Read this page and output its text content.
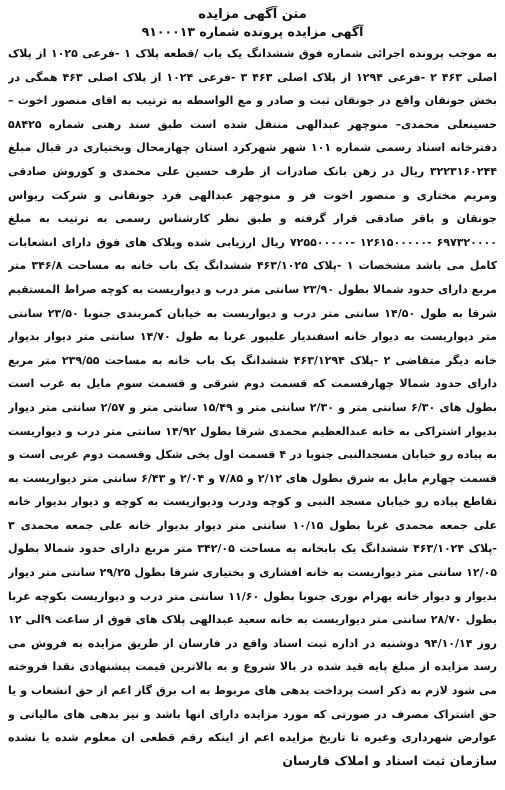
متن آگهی مزایده

آگهی مزایده پرونده شماره ۹۱۰۰۰۱۳

به موجب پرونده اجرائی شماره فوق ششدانگ یک باب /قطعه پلاک ۱ -فرعی ۱۰۲۵ از پلاک اصلی ۴۶۳ ۲ -فرعی ۱۲۹۴ از پلاک اصلی ۴۶۳ ۳ -فرعی ۱۰۲۴ از پلاک اصلی ۴۶۳ همگی در بخش جونقان واقع در جونقان ثبت و صادر و مع الواسطه به ترتیب به اقای منصور اخوت –حسینعلی محمدی– منوچهر عبدالهی منتقل شده است طبق سند رهنی شماره ۵۸۴۲۵ دفترخانه اسناد رسمی شماره ۱۰۱ شهر شهرکرد استان چهارمحال وبختیاری در قبال مبلغ ۳۲۲۳۱۶۰۲۴۴ ریال در رهن بانک صادرات از طرف حسین علی محمدی و کوروش صادقی ومریم مختاری و منصور اخوت فر و منوچهر عبدالهی فرد جونقانی و شرکت ریواس جونقان و باقر صادقی قرار گرفته و طبق نظر کارشناس رسمی به ترتیب به مبلغ ۶۹۷۳۲۰۰۰۰ -۱۲۶۱۵۰۰۰۰۰ -۷۲۵۵۰۰۰۰۰ ریال ارزیابی شده وپلاک های فوق دارای انشعابات کامل می باشد مشخصات ۱ -پلاک ۴۶۳/۱۰۲۵ ششدانگ یک باب خانه به مساحت ۳۴۶/۸ متر مربع دارای حدود شمالا بطول ۲۳/۹۰ سانتی متر درب و دیواریست به کوچه صراط المستقیم شرقا به طول ۱۴/۵۰ سانتی متر درب و دیواریست به خیابان کمربندی جنوبا ۲۳/۵۰ سانتی متر دیواریست به دیوار خانه اسفندیار علیپور غربا به طول ۱۴/۷۰ سانتی متر دیوار بدیوار خانه دیگر متقاضی ۲ -پلاک ۴۶۳/۱۲۹۴ ششدانگ یک باب خانه به مساحت ۲۳۹/۵۵ متر مربع دارای حدود شمالا چهارقسمت که قسمت دوم شرقی و قسمت سوم مایل به غرب است بطول های ۶/۳۰ سانتی متر و ۲/۳۰ سانتی متر و ۱۵/۴۹ سانتی متر و ۲/۵۷ سانتی متر دیوار بدیوار اشتراکی به خانه عبدالعظیم محمدی شرقا بطول ۱۴/۹۲ سانتی متر درب و دیواریست به پیاده رو خیابان مسجدالنبی جنوبا در ۴ قسمت اول یخی شکل وقسمت دوم غربی است و قسمت چهارم مایل به شرق بطول های ۲/۱۲ و ۷/۸۵ و ۲/۰۴ و ۶/۴۳ سانتی متر دیواریست به تقاطع پیاده رو خیابان مسجد النبی و کوچه ودرب ودیواریست به کوچه و دیوار بدیوار خانه علی جمعه محمدی غربا بطول ۱۰/۱۵ سانتی متر دیوار بدیوار خانه علی جمعه محمدی ۳ -پلاک ۴۶۳/۱۰۲۴ ششدانگ یک بابخانه به مساحت ۳۴۲/۰۵ متر مربع دارای حدود شمالا بطول ۱۲/۰۵ سانتی متر دیواریست به خانه افشاری و بختیاری شرقا بطول ۲۹/۲۵ سانتی متر دیوار بدیوار و دیوار خانه بهرام نوری جنوبا بطول ۱۱/۶۰ سانتی متر درب و دیواریست بکوچه غربا بطول ۲۸/۷۰ سانتی متر دیواریست به خانه سعید عبدالهی پلاک های فوق از ساعت ۹الی ۱۲ روز ۹۴/۱۰/۱۴ دوشنبه در اداره ثبت اسناد واقع در فارسان از طریق مزایده به فروش می رسد مزایده از مبلغ پایه قید شده در بالا شروع و به بالاترین قیمت پیشنهادی نقدا فروخته می شود لازم به ذکر است پرداخت بدهی های مربوط به اب برق گاز اعم از حق انشعاب و یا حق اشتراک مصرف در صورتی که مورد مزایده دارای انها باشد و نیز بدهی های مالیاتی و عوارض شهرداری وغیره تا تاریخ مزایده اعم از اینکه رقم قطعی ان معلوم شده یا نشده

سازمان ثبت اسناد و املاک فارسان
